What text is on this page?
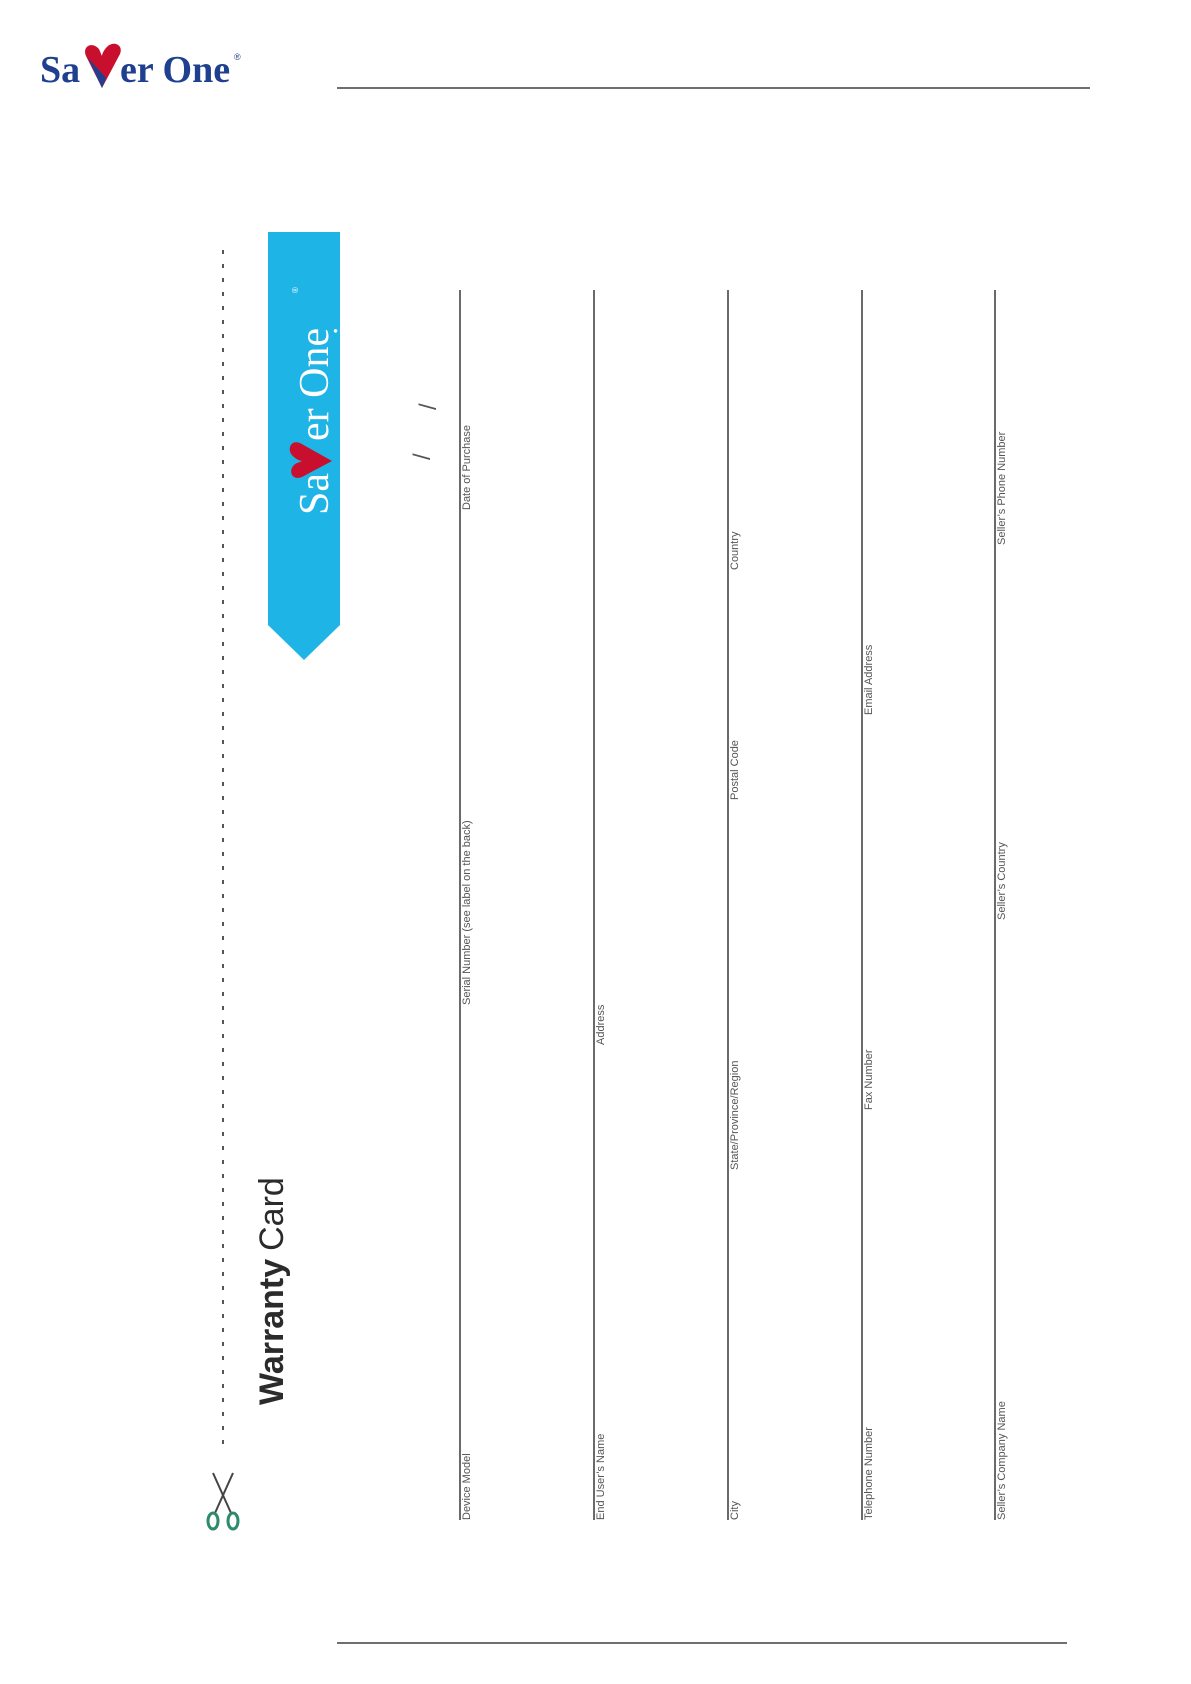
Sa er One ®
WarrantyCard
Sa
er One
®
series
/
/
Device Model
Serial Number (see label on the back)
Date of Purchase
End User’s Name
Address
City
State/Province/Region
Postal Code
Country
Telephone Number
Fax Number
Email Address
Seller’s Company Name
Seller’s Country
Seller’s Phone Number
